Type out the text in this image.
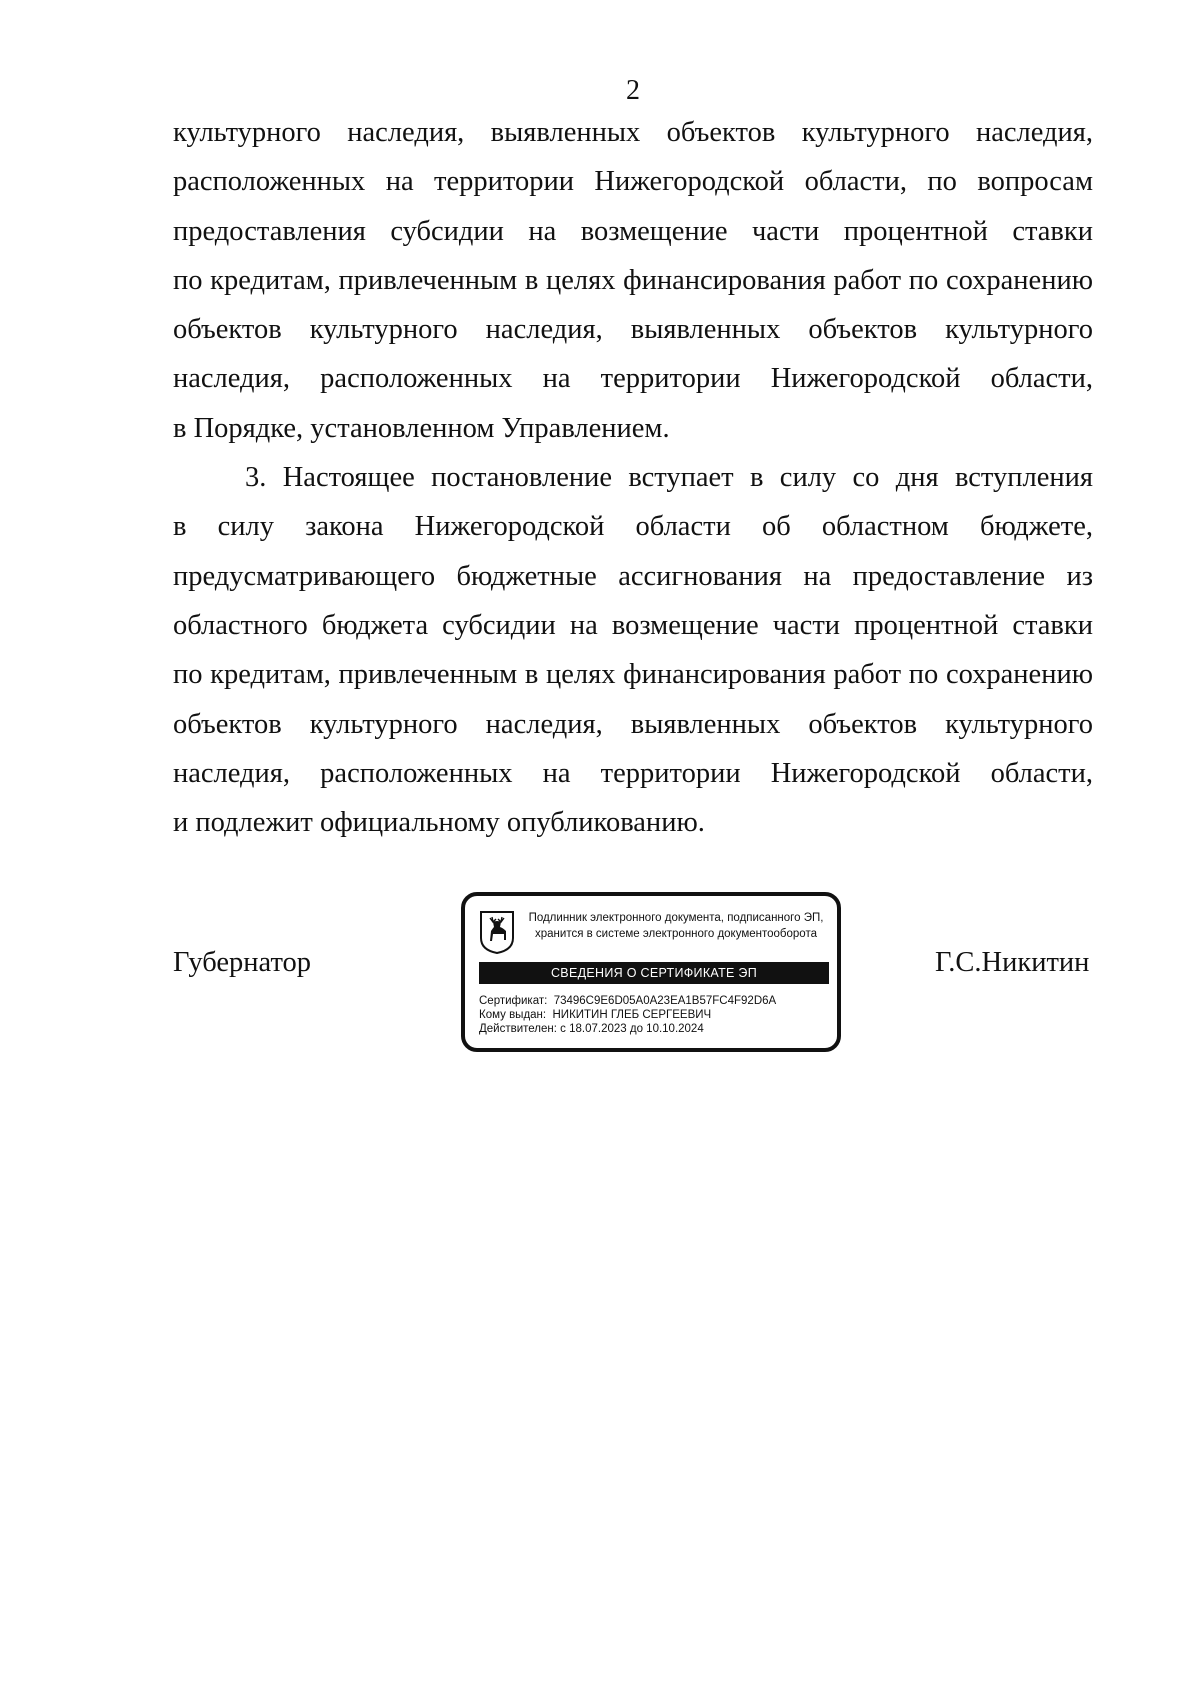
2
культурного наследия, выявленных объектов культурного наследия,
расположенных на территории Нижегородской области, по вопросам
предоставления субсидии на возмещение части процентной ставки
по кредитам, привлеченным в целях финансирования работ по сохранению
объектов культурного наследия, выявленных объектов культурного
наследия, расположенных на территории Нижегородской области,
в Порядке, установленном Управлением.
3. Настоящее постановление вступает в силу со дня вступления
в силу закона Нижегородской области об областном бюджете,
предусматривающего бюджетные ассигнования на предоставление из
областного бюджета субсидии на возмещение части процентной ставки
по кредитам, привлеченным в целях финансирования работ по сохранению
объектов культурного наследия, выявленных объектов культурного
наследия, расположенных на территории Нижегородской области,
и подлежит официальному опубликованию.
Губернатор
Подлинник электронного документа, подписанного ЭП,
хранится в системе электронного документооборота
СВЕДЕНИЯ О СЕРТИФИКАТЕ ЭП
Сертификат: 73496C9E6D05A0A23EA1B57FC4F92D6A
Кому выдан: НИКИТИН ГЛЕБ СЕРГЕЕВИЧ
Действителен: с 18.07.2023 до 10.10.2024
Г.С.Никитин
